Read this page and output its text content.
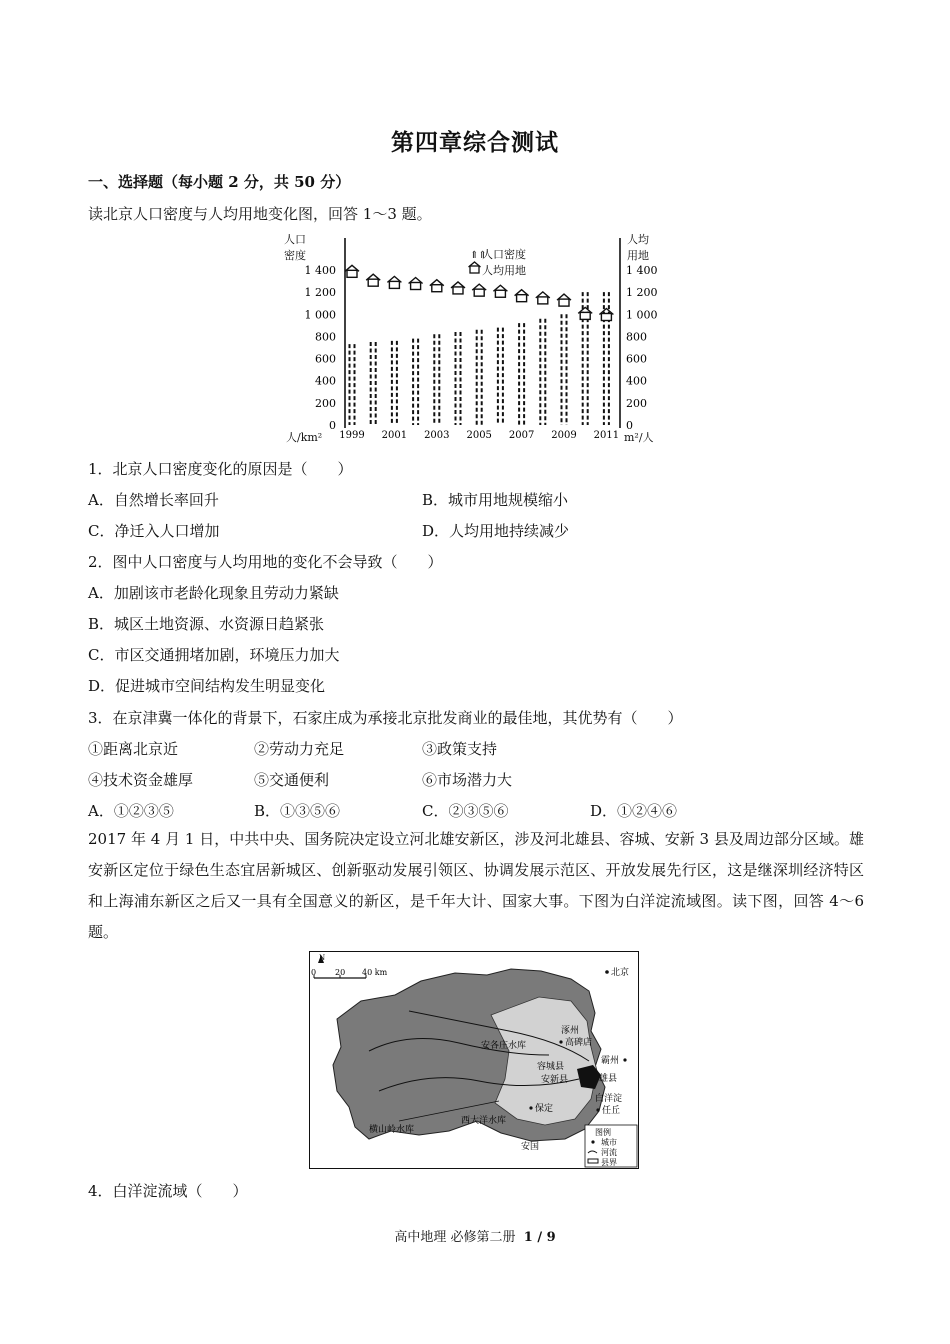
第四章综合测试
一、选择题（每小题 2 分，共 50 分）
读北京人口密度与人均用地变化图，回答 1～3 题。
人口
密度
人均
用地
人/km²	m²/人
人口密度
人均用地
0	0
200	200
400	400
600	600
800	800
1 000	1 000
1 200	1 200
1 400	1 400
1999 2001 2003 2005 2007 2009 2011
⇑⇑
1．北京人口密度变化的原因是（　　）
A．自然增长率回升	B．城市用地规模缩小
C．净迁入人口增加	D．人均用地持续减少
2．图中人口密度与人均用地的变化不会导致（　　）
A．加剧该市老龄化现象且劳动力紧缺
B．城区土地资源、水资源日趋紧张
C．市区交通拥堵加剧，环境压力加大
D．促进城市空间结构发生明显变化
3．在京津冀一体化的背景下，石家庄成为承接北京批发商业的最佳地，其优势有（　　）
①距离北京近	②劳动力充足	③政策支持
④技术资金雄厚	⑤交通便利	⑥市场潜力大
A．①②③⑤	B．①③⑤⑥	C．②③⑤⑥	D．①②④⑥
2017 年 4 月 1 日，中共中央、国务院决定设立河北雄安新区，涉及河北雄县、容城、安新 3 县及周边部分区域。雄安新区定位于绿色生态宜居新城区、创新驱动发展引领区、协调发展示范区、开放发展先行区，这是继深圳经济特区和上海浦东新区之后又一具有全国意义的新区，是千年大计、国家大事。下图为白洋淀流域图。读下图，回答 4～6 题。
N
0 20 40 km	北京
涿州
高碑店
霸州
安各庄水库
容城县
安新县	雄县
白洋淀
任丘
保定
西大洋水库
横山岭水库
安国
图例
城市
河流
县界
4．白洋淀流域（　　）
高中地理 必修第二册 1 / 9
